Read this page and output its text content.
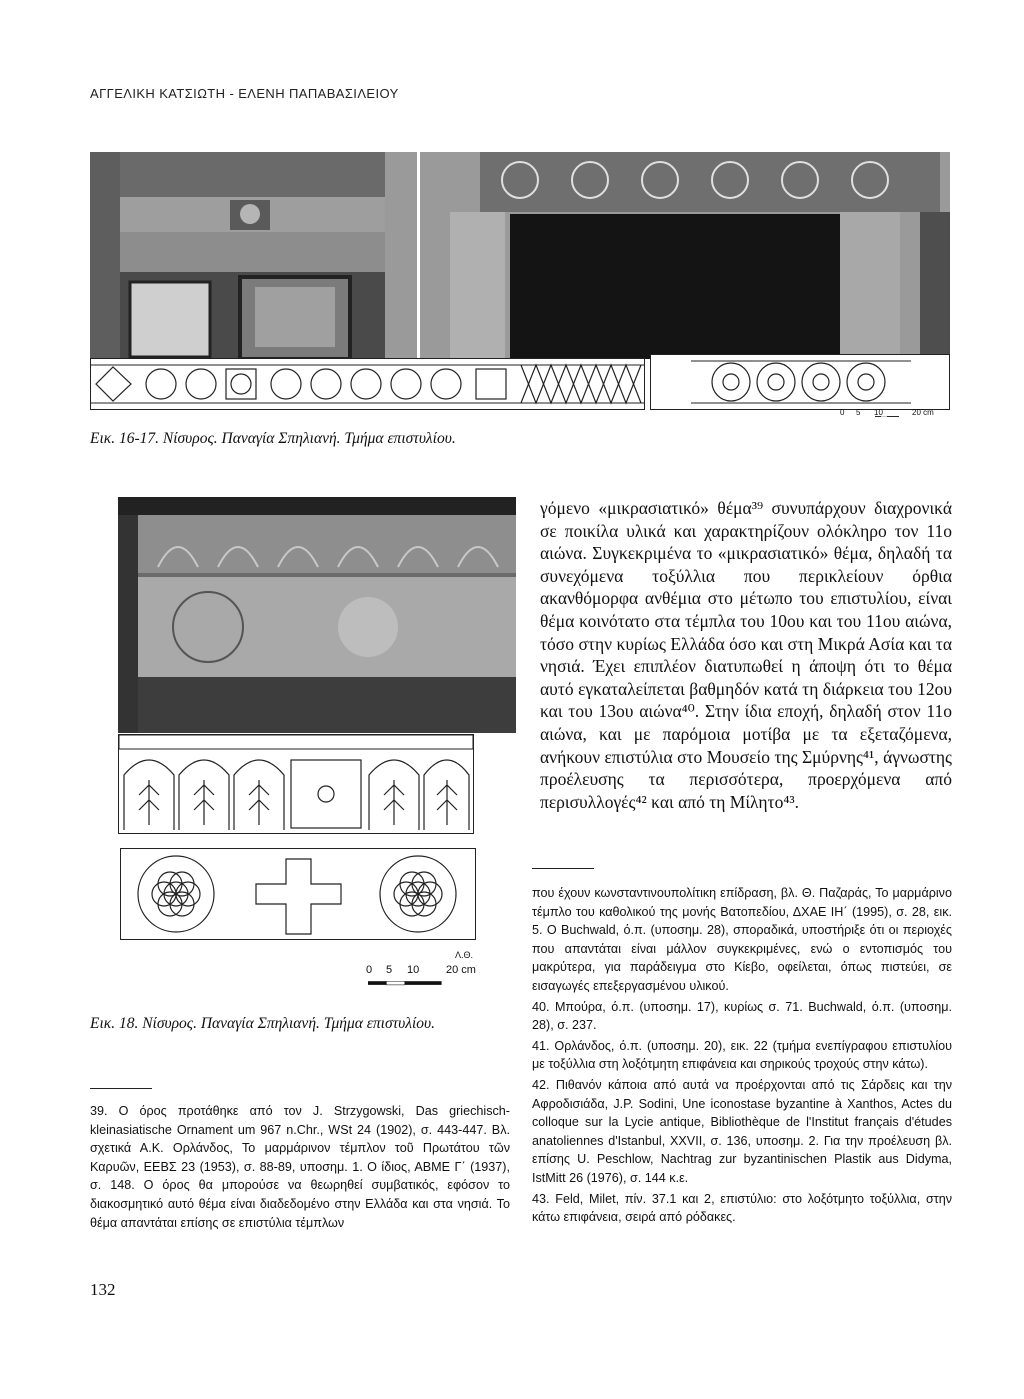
ΑΓΓΕΛΙΚΗ ΚΑΤΣΙΩΤΗ - ΕΛΕΝΗ ΠΑΠΑΒΑΣΙΛΕΙΟΥ
0 5 10	20 cm
Εικ. 16-17. Νίσυρος. Παναγία Σπηλιανή. Τμήμα επιστυλίου.
Λ.Θ.
0 5 10 20 cm
Εικ. 18. Νίσυρος. Παναγία Σπηλιανή. Τμήμα επιστυλίου.

γόμενο «μικρασιατικό» θέμα³⁹ συνυπάρχουν διαχρονικά σε ποικίλα υλικά και χαρακτηρίζουν ολόκληρο τον 11ο αιώνα. Συγκεκριμένα το «μικρασιατικό» θέμα, δηλαδή τα συνεχόμενα τοξύλλια που περικλείουν όρθια ακανθόμορφα ανθέμια στο μέτωπο του επιστυλίου, είναι θέμα κοινότατο στα τέμπλα του 10ου και του 11ου αιώνα, τόσο στην κυρίως Ελλάδα όσο και στη Μικρά Ασία και τα νησιά. Έχει επιπλέον διατυπωθεί η άποψη ότι το θέμα αυτό εγκαταλείπεται βαθμηδόν κατά τη διάρκεια του 12ου και του 13ου αιώνα⁴⁰. Στην ίδια εποχή, δηλαδή στον 11ο αιώνα, και με παρόμοια μοτίβα με τα εξεταζόμενα, ανήκουν επιστύλια στο Μουσείο της Σμύρνης⁴¹, άγνωστης προέλευσης τα περισσότερα, προερχόμενα από περισυλλογές⁴² και από τη Μίλητο⁴³.

39. Ο όρος προτάθηκε από τον J. Strzygowski, Das griechisch-kleinasiatische Ornament um 967 n.Chr., WSt 24 (1902), σ. 443-447. Βλ. σχετικά Α.Κ. Ορλάνδος, Το μαρμάρινον τέμπλον τοῦ Πρωτάτου τῶν Καρυῶν, ΕΕΒΣ 23 (1953), σ. 88-89, υποσημ. 1. Ο ίδιος, ΑΒΜΕ Γ΄ (1937), σ. 148. Ο όρος θα μπορούσε να θεωρηθεί συμβατικός, εφόσον το διακοσμητικό αυτό θέμα είναι διαδεδομένο στην Ελλάδα και στα νησιά. Το θέμα απαντάται επίσης σε επιστύλια τέμπλων

που έχουν κωνσταντινουπολίτικη επίδραση, βλ. Θ. Παζαράς, Το μαρμάρινο τέμπλο του καθολικού της μονής Βατοπεδίου, ΔΧΑΕ ΙΗ΄ (1995), σ. 28, εικ. 5. Ο Buchwald, ό.π. (υποσημ. 28), σποραδικά, υποστήριξε ότι οι περιοχές που απαντάται είναι μάλλον συγκεκριμένες, ενώ ο εντοπισμός του μακρύτερα, για παράδειγμα στο Κίεβο, οφείλεται, όπως πιστεύει, σε εισαγωγές επεξεργασμένου υλικού.

40. Μπούρα, ό.π. (υποσημ. 17), κυρίως σ. 71. Buchwald, ό.π. (υποσημ. 28), σ. 237.

41. Ορλάνδος, ό.π. (υποσημ. 20), εικ. 22 (τμήμα ενεπίγραφου επιστυλίου με τοξύλλια στη λοξότμητη επιφάνεια και σηρικούς τροχούς στην κάτω).

42. Πιθανόν κάποια από αυτά να προέρχονται από τις Σάρδεις και την Αφροδισιάδα, J.P. Sodini, Une iconostase byzantine à Xanthos, Actes du colloque sur la Lycie antique, Bibliothèque de l'Institut français d'études anatoliennes d'Istanbul, XXVII, σ. 136, υποσημ. 2. Για την προέλευση βλ. επίσης U. Peschlow, Nachtrag zur byzantinischen Plastik aus Didyma, IstMitt 26 (1976), σ. 144 κ.ε.

43. Feld, Milet, πίν. 37.1 και 2, επιστύλιο: στο λοξότμητο τοξύλλια, στην κάτω επιφάνεια, σειρά από ρόδακες.

132
